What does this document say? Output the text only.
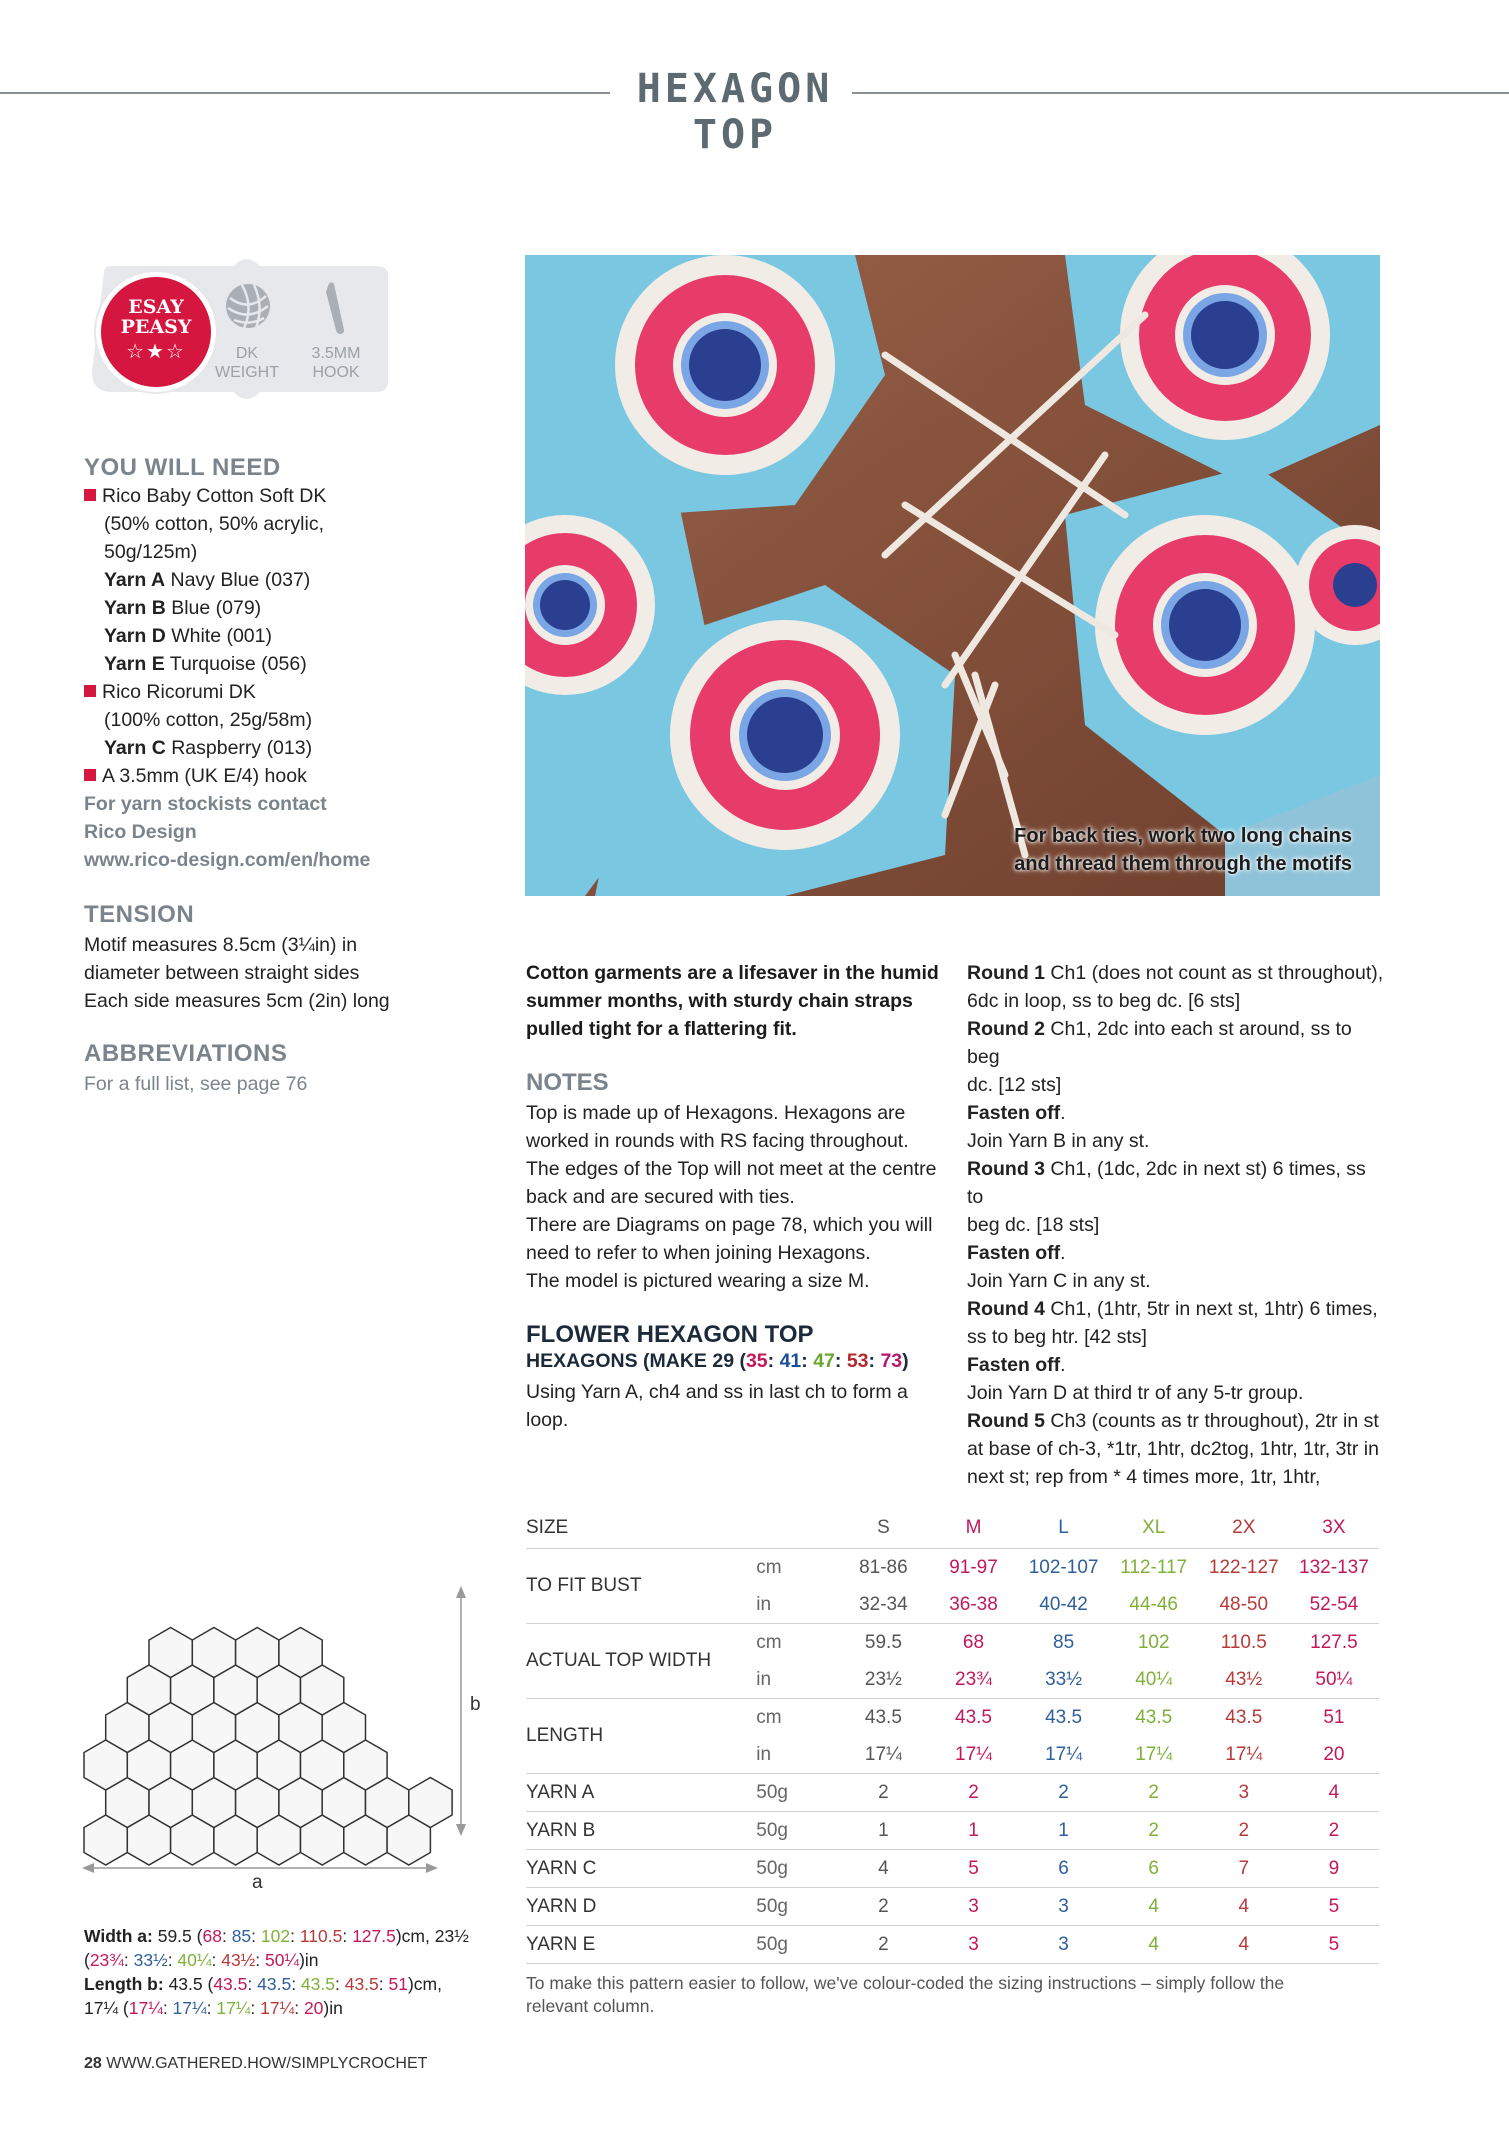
HEXAGON TOP
ESAY
PEASY
☆★☆	DK
WEIGHT
3.5MM
HOOK
YOU WILL NEED
Rico Baby Cotton Soft DK
(50% cotton, 50% acrylic,
50g/125m)
Yarn A Navy Blue (037)
Yarn B Blue (079)
Yarn D White (001)
Yarn E Turquoise (056)
Rico Ricorumi DK
(100% cotton, 25g/58m)
Yarn C Raspberry (013)
A 3.5mm (UK E/4) hook
For yarn stockists contact
Rico Design
www.rico-design.com/en/home
TENSION
Motif measures 8.5cm (3¼in) in
diameter between straight sides
Each side measures 5cm (2in) long
ABBREVIATIONS
For a full list, see page 76
For back ties, work two long chains
and thread them through the motifs
Cotton garments are a lifesaver in the humid
summer months, with sturdy chain straps
pulled tight for a flattering fit.
NOTES
Top is made up of Hexagons. Hexagons are
worked in rounds with RS facing throughout.
The edges of the Top will not meet at the centre
back and are secured with ties.
There are Diagrams on page 78, which you will
need to refer to when joining Hexagons.
The model is pictured wearing a size M.
FLOWER HEXAGON TOP
HEXAGONS (MAKE 29 (35: 41: 47: 53: 73)
Using Yarn A, ch4 and ss in last ch to form a
loop.
Round 1 Ch1 (does not count as st throughout),
6dc in loop, ss to beg dc. [6 sts]
Round 2 Ch1, 2dc into each st around, ss to beg
dc. [12 sts]
Fasten off.
Join Yarn B in any st.
Round 3 Ch1, (1dc, 2dc in next st) 6 times, ss to
beg dc. [18 sts]
Fasten off.
Join Yarn C in any st.
Round 4 Ch1, (1htr, 5tr in next st, 1htr) 6 times,
ss to beg htr. [42 sts]
Fasten off.
Join Yarn D at third tr of any 5-tr group.
Round 5 Ch3 (counts as tr throughout), 2tr in st
at base of ch-3, *1tr, 1htr, dc2tog, 1htr, 1tr, 3tr in
next st; rep from * 4 times more, 1tr, 1htr,
a
b
Width a: 59.5 (68: 85: 102: 110.5: 127.5)cm, 23½
(23¾: 33½: 40¼: 43½: 50¼)in
Length b: 43.5 (43.5: 43.5: 43.5: 43.5: 51)cm,
17¼ (17¼: 17¼: 17¼: 17¼: 20)in
SIZE		S	M	L	XL	2X	3X
TO FIT BUST	cm	81-86	91-97	102-107	112-117	122-127	132-137
	in	32-34	36-38	40-42	44-46	48-50	52-54
ACTUAL TOP WIDTH	cm	59.5	68	85	102	110.5	127.5
	in	23½	23¾	33½	40¼	43½	50¼
LENGTH	cm	43.5	43.5	43.5	43.5	43.5	51
	in	17¼	17¼	17¼	17¼	17¼	20
YARN A	50g	2	2	2	2	3	4
YARN B	50g	1	1	1	2	2	2
YARN C	50g	4	5	6	6	7	9
YARN D	50g	2	3	3	4	4	5
YARN E	50g	2	3	3	4	4	5
To make this pattern easier to follow, we've colour-coded the sizing instructions – simply follow the
relevant column.
28 WWW.GATHERED.HOW/SIMPLYCROCHET
